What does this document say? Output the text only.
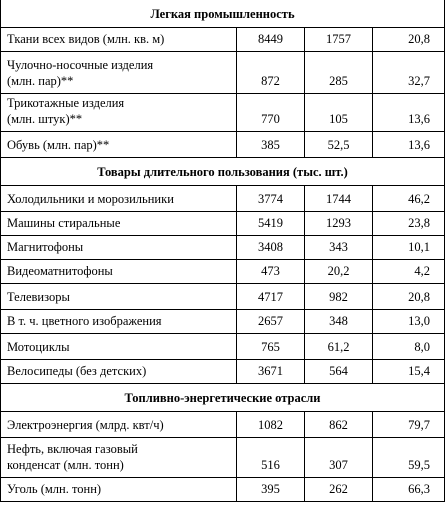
Легкая промышленность			

Ткани всех видов (млн. кв. м)	8449	1757	20,8

Чулочно-носочные изделия
(млн. пар)**	872	285	32,7

Трикотажные изделия
(млн. штук)**	770	105	13,6

Обувь (млн. пар)**	385	52,5	13,6
Товары длительного пользования (тыс. шт.)			

Холодильники и морозильники	3774	1744	46,2

Машины стиральные	5419	1293	23,8

Магнитофоны	3408	343	10,1

Видеоматнитофоны	473	20,2	4,2

Телевизоры	4717	982	20,8

В т. ч. цветного изображения	2657	348	13,0

Мотоциклы	765	61,2	8,0

Велосипеды (без детских)	3671	564	15,4
Топливно-энергетические отрасли			

Электроэнергия (млрд. квт/ч)	1082	862	79,7

Нефть, включая газовый
конденсат (млн. тонн)	516	307	59,5

Уголь (млн. тонн)	395	262	66,3
